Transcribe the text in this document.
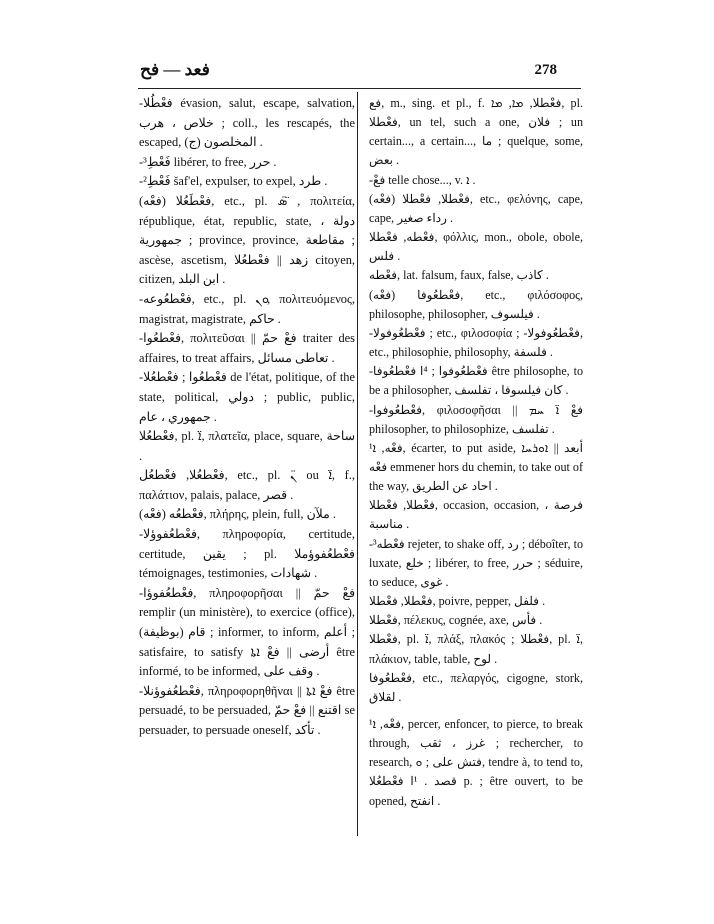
فعد — فح	278

-فعْطُلا évasion, salut, escape, salvation, خلاص ، هرب ; coll., les rescapés, the escaped, (ج) المخلصون .

-³فَعْطِ libérer, to free, حرر .

-²فَعْطِ šaf'el, expulser, to expel, طرد .

(فعْه) فعْطَعُلا, etc., pl. ܣ̈ ̈, πολιτεία, république, état, republic, state, دولة ، جمهورية ; province, province, مقاطعة ; ascèse, ascetism, زهد || فعْطعُلا citoyen, citizen, ابن البلد .

-فعْطعُوعه, etc., pl. ܘܢ, πολιτευόμενος, magistrat, magistrate, حاكم .

-فعْطعُوا, πολιτεῦσαι || فعْ حمّ traiter des affaires, to treat affairs, تعاطى مسائل .

-فعْطعُوا ; فعْطعُلا de l'état, politique, of the state, political, دولي ; public, public, جمهوري ، عام .

فعْطعُلا, pl. ܐ̈, πλατεῖα, place, square, ساحة .

فعْطعُلا, فعْطعُل, etc., pl. ܢ̈ ou ܐ̈, f., παλάτιον, palais, palace, قصر .

(فعْه) فعْطعُه, πλήρης, plein, full, ملآن .

-فعْطعُفوؤلا, πληροφορία, certitude, certitude, يقين ; pl. فعْطعُفوؤملا témoignages, testimonies, شهادات .

-فعْطعُفوؤا, πληροφορῆσαι || فعْ حمّ remplir (un ministère), to exercice (office), قام (بوظيفة) ; informer, to inform, أعلم ; satisfaire, to satisfy أرضى || فعْ ܐܬܐ être informé, to be informed, وقف على .

-فعْطعُفوؤنلا, πληροφορηθῆναι || فعْ ܐܬܐ être persuadé, to be persuaded, اقتنع || فعْ حمّ se persuader, to persuade oneself, تأكد .

فع, m., sing. et pl., f. فعْطلا, ܡܐ, ܡܐ, pl. فعْطلا, un tel, such a one, فلان ; un certain..., a certain..., ما ; quelque, some, بعض .

-فعْ telle chose..., v. ܐ .

(فعْه) فعْطلا, فعْطلا, etc., φελόνης, cape, cape, رداء صغير .

فعْطه, فعْطلا, φόλλις, mon., obole, obole, فلس .

فعْطه, lat. falsum, faux, false, كاذب .

(فعْه) فعْطعُوفا, etc., φιλόσοφος, philosophe, philosopher, فيلسوف .

-فعْطعُوفولا ; etc., φιλοσοφία ; -فعْطعُوفولا, etc., philosophie, philosophy, فلسفة .

-فعْطعُوفوا ; ⁴ا فعْطعُوفا être philosophe, to be a philosopher, كان فيلسوفا ، تفلسف .

-فعْطعُوفوا, φιλοσοφῆσαι || فعْ ܐ̈ ܚܡ philosopher, to philosophize, تفلسف .

¹فعْه, ܐ, écarter, to put aside, أبعد || ܐܘܪܚܐ فعْه emmener hors du chemin, to take out of the way, احاد عن الطريق .

فعْطلا, فعْطلا, occasion, occasion, فرصة ، مناسبة .

-³فعْطه rejeter, to shake off, رد ; déboîter, to luxate, خلع ; libérer, to free, حرر ; séduire, to seduce, غوى .

فعْطلا, فعْطلا, poivre, pepper, فلفل .

فعْطلا, πέλεκυς, cognée, axe, فأس .

فعْطلا, pl. ܐ̈, πλάξ, πλακός ; فعْطلا, pl. ܐ̈, πλάκιον, table, table, لوح .

فعْطعُوفا, etc., πελαργός, cigogne, stork, لقلاق .

¹فعْه, ܐ, percer, enfoncer, to pierce, to break through, غرز ، ثقب ; rechercher, to research, فتش على ; ܘ, tendre à, to tend to, قصد . ¹ا فعْطعُلا p. ; être ouvert, to be opened, انفتح .
